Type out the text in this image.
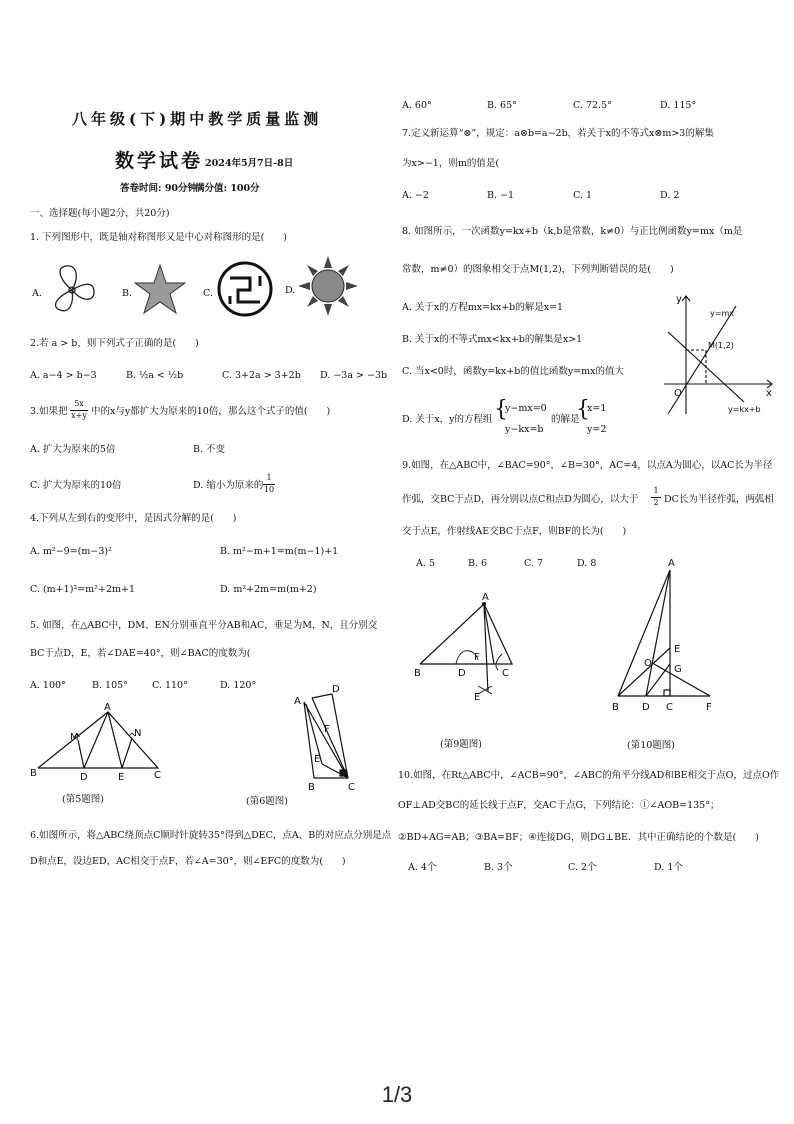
八年级(下)期中教学质量监测
数学试卷 2024年5月7日-8日
答卷时间: 90分钟
满分值: 100分
一、选择题(每小题2分，共20分)
1. 下列图形中，既是轴对称图形又是中心对称图形的是(　　)
A.	B.	C.	D.
2.若 a > b，则下列式子正确的是(　　)
A. a−4 > b−3	B. ½a < ½b	C. 3+2a > 3+2b D. −3a > −3b
3.如果把
5x
x+y 中的x与y都扩大为原来的10倍，那么这个式子的值(　　)
A. 扩大为原来的5倍	B. 不变
C. 扩大为原来的10倍	D. 缩小为原来的
1
10
4.下列从左到右的变形中，是因式分解的是(　　)
A. m²−9=(m−3)²	B. m²−m+1=m(m−1)+1
C. (m+1)²=m²+2m+1	D. m²+2m=m(m+2)
5. 如图，在△ABC中，DM、EN分别垂直平分AB和AC，垂足为M，N，且分别交
BC于点D，E，若∠DAE=40°，则∠BAC的度数为(
A. 100°	B. 105°	C. 110°	D. 120°
A
M	N
B	D	E	C
(第5题图)
A
D
F
E
B	C
(第6题图)
6.如图所示，将△ABC绕顶点C顺时针旋转35°得到△DEC，点A、B的对应点分别是点
D和点E，设边ED，AC相交于点F，若∠A=30°，则∠EFC的度数为(　　)
A. 60°	B. 65°	C. 72.5°	D. 115°
7.定义新运算“⊗”，规定：a⊗b=a−2b，若关于x的不等式x⊗m>3的解集
为x>−1，则m的值是(
A. −2	B. −1	C. 1	D. 2
8. 如图所示，一次函数y=kx+b（k,b是常数，k≠0）与正比例函数y=mx（m是
常数，m≠0）的图象相交于点M(1,2)，下列判断错误的是(　　)
A. 关于x的方程mx=kx+b的解是x=1
B. 关于x的不等式mx<kx+b的解集是x>1
C. 当x<0时，函数y=kx+b的值比函数y=mx的值大
D. 关于x，y的方程组 {
y−mx=0
y−kx=b
的解是
{
x=1
y=2
y
O	x
y=mx
y=kx+b
M(1,2)
9.如图，在△ABC中，∠BAC=90°，∠B=30°，AC=4，以点A为圆心，以AC长为半径
作弧，交BC于点D，再分别以点C和点D为圆心，以大于
1
2 DC长为半径作弧，两弧相
交于点E，作射线AE交BC于点F，则BF的长为(　　)
A. 5	B. 6	C. 7	D. 8
A
B	D
F
C
E
(第9题图)
A
E
O
G
B D C	F
(第10题图)
10.如图，在Rt△ABC中，∠ACB=90°，∠ABC的角平分线AD和BE相交于点O，过点O作
OF⊥AD交BC的延长线于点F，交AC于点G，下列结论：①∠AOB=135°；
②BD+AG=AB；③BA=BF；④连接DG，则DG⊥BE．其中正确结论的个数是(　　)
A. 4个	B. 3个	C. 2个	D. 1个
1/3
